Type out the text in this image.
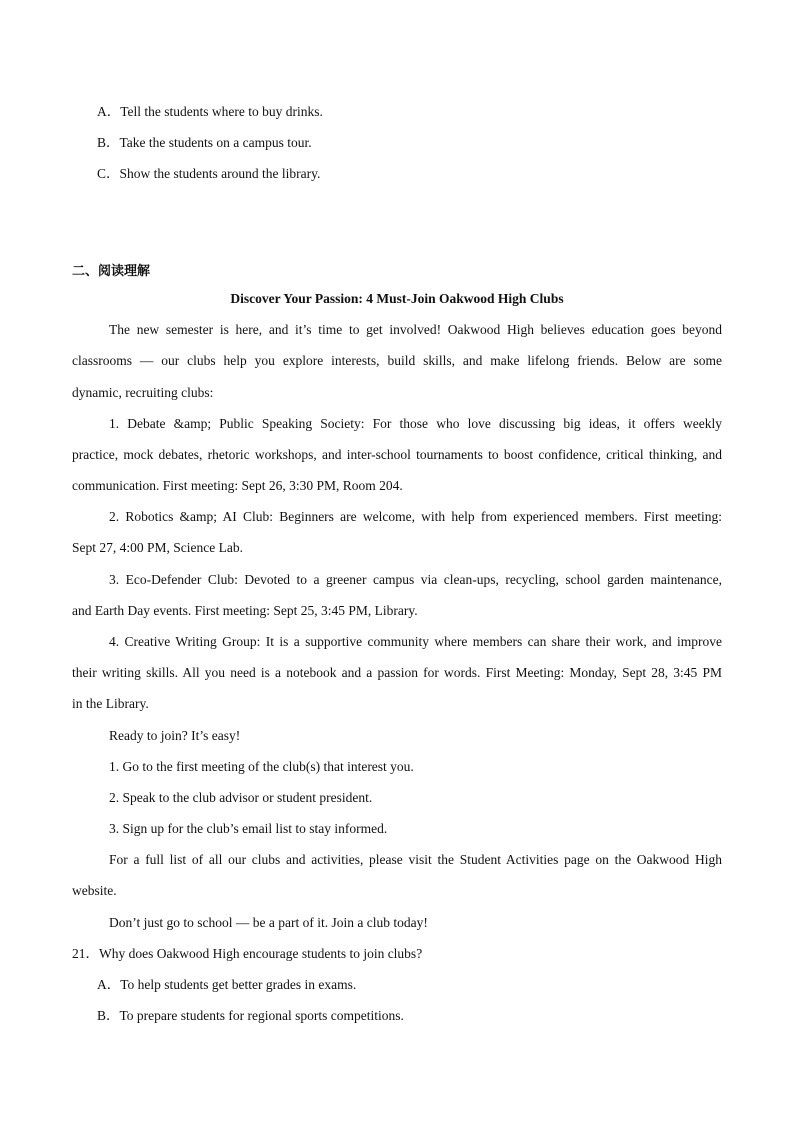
A．Tell the students where to buy drinks.
B．Take the students on a campus tour.
C．Show the students around the library.
二、阅读理解
Discover Your Passion: 4 Must-Join Oakwood High Clubs
The new semester is here, and it’s time to get involved! Oakwood High believes education goes beyond
classrooms — our clubs help you explore interests, build skills, and make lifelong friends. Below are some
dynamic, recruiting clubs:
1. Debate &amp; Public Speaking Society: For those who love discussing big ideas, it offers weekly
practice, mock debates, rhetoric workshops, and inter-school tournaments to boost confidence, critical thinking, and
communication. First meeting: Sept 26, 3:30 PM, Room 204.
2. Robotics &amp; AI Club: Beginners are welcome, with help from experienced members. First meeting:
Sept 27, 4:00 PM, Science Lab.
3. Eco-Defender Club: Devoted to a greener campus via clean-ups, recycling, school garden maintenance,
and Earth Day events. First meeting: Sept 25, 3:45 PM, Library.
4. Creative Writing Group: It is a supportive community where members can share their work, and improve
their writing skills. All you need is a notebook and a passion for words. First Meeting: Monday, Sept 28, 3:45 PM
in the Library.
Ready to join? It’s easy!
1. Go to the first meeting of the club(s) that interest you.
2. Speak to the club advisor or student president.
3. Sign up for the club’s email list to stay informed.
For a full list of all our clubs and activities, please visit the Student Activities page on the Oakwood High
website.
Don’t just go to school — be a part of it. Join a club today!
21．Why does Oakwood High encourage students to join clubs?
A．To help students get better grades in exams.
B．To prepare students for regional sports competitions.
